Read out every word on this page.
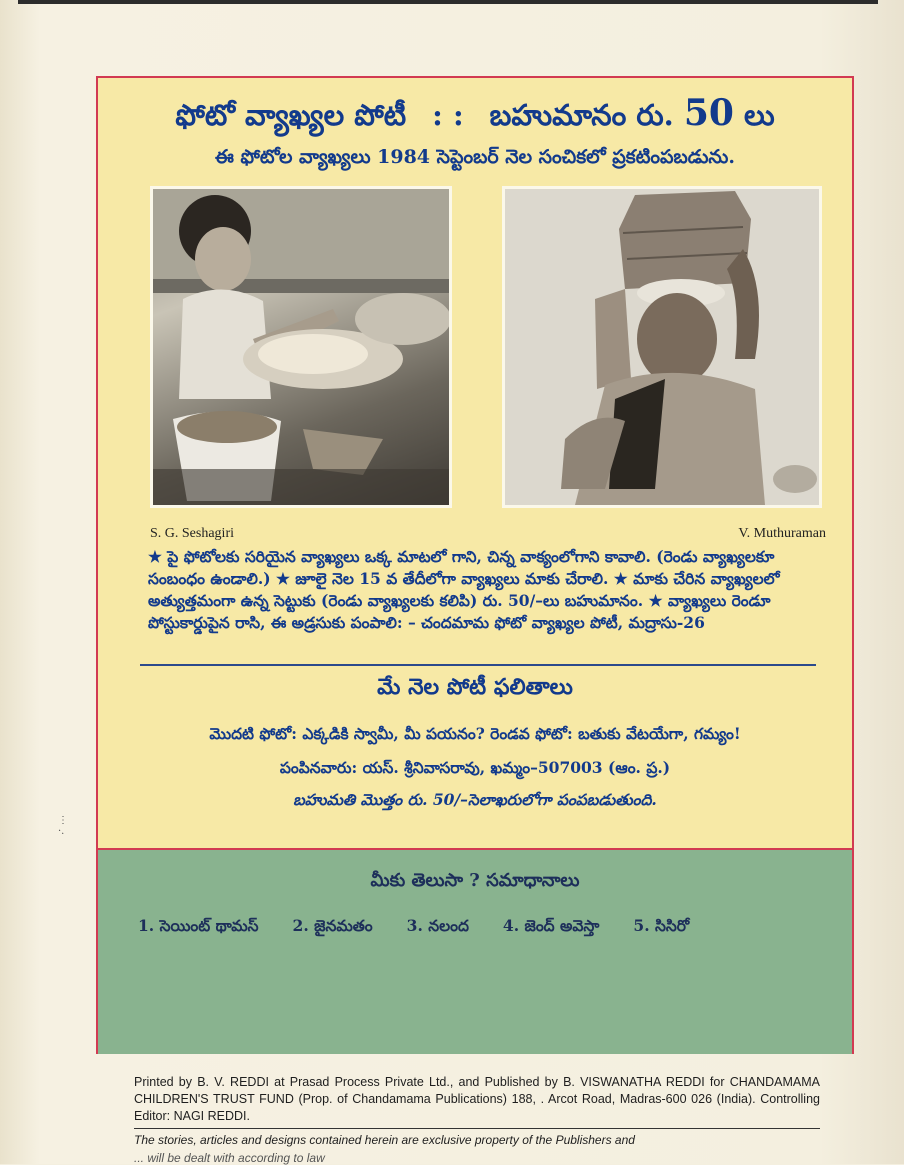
⋮
·.
ఫోటో వ్యాఖ్యల పోటీ : : బహుమానం రు. 50 లు
ఈ ఫోటోల వ్యాఖ్యలు 1984 సెప్టెంబర్ నెల సంచికలో ప్రకటింపబడును.
S. G. Seshagiri	V. Muthuraman
★ పై ఫోటోలకు సరియైన వ్యాఖ్యలు ఒక్క మాటలో గాని, చిన్న వాక్యంలోగాని కావాలి. (రెండు వ్యాఖ్యలకూ సంబంధం ఉండాలి.) ★ జూలై నెల 15 వ తేదీలోగా వ్యాఖ్యలు మాకు చేరాలి. ★ మాకు చేరిన వ్యాఖ్యలలో అత్యుత్తమంగా ఉన్న సెట్టుకు (రెండు వ్యాఖ్యలకు కలిపి) రు. 50/–లు బహుమానం. ★ వ్యాఖ్యలు రెండూ పోస్టుకార్డుపైన రాసి, ఈ అడ్రసుకు పంపాలి: – చందమామ ఫోటో వ్యాఖ్యల పోటీ, మద్రాసు-26
మే నెల పోటీ ఫలితాలు
మొదటి ఫోటో: ఎక్కడికి స్వామీ, మీ పయనం? రెండవ ఫోటో: బతుకు వేటయేగా, గమ్యం!
పంపినవారు: యస్. శ్రీనివాసరావు, ఖమ్మం–507003 (ఆం. ప్ర.)
బహుమతి మొత్తం రు. 50/–సెలాఖరులోగా పంపబడుతుంది.
మీకు తెలుసా ? సమాధానాలు
1. సెయింట్ థామస్ 2. జైనమతం 3. నలంద 4. జెంద్ అవెస్తా 5. సిసిరో
Printed by B. V. REDDI at Prasad Process Private Ltd., and Published by B. VISWANATHA REDDI for CHANDAMAMA CHILDREN'S TRUST FUND (Prop. of Chandamama Publications) 188, . Arcot Road, Madras-600 026 (India). Controlling Editor: NAGI REDDI.
The stories, articles and designs contained herein are exclusive property of the Publishers and
... will be dealt with according to law
